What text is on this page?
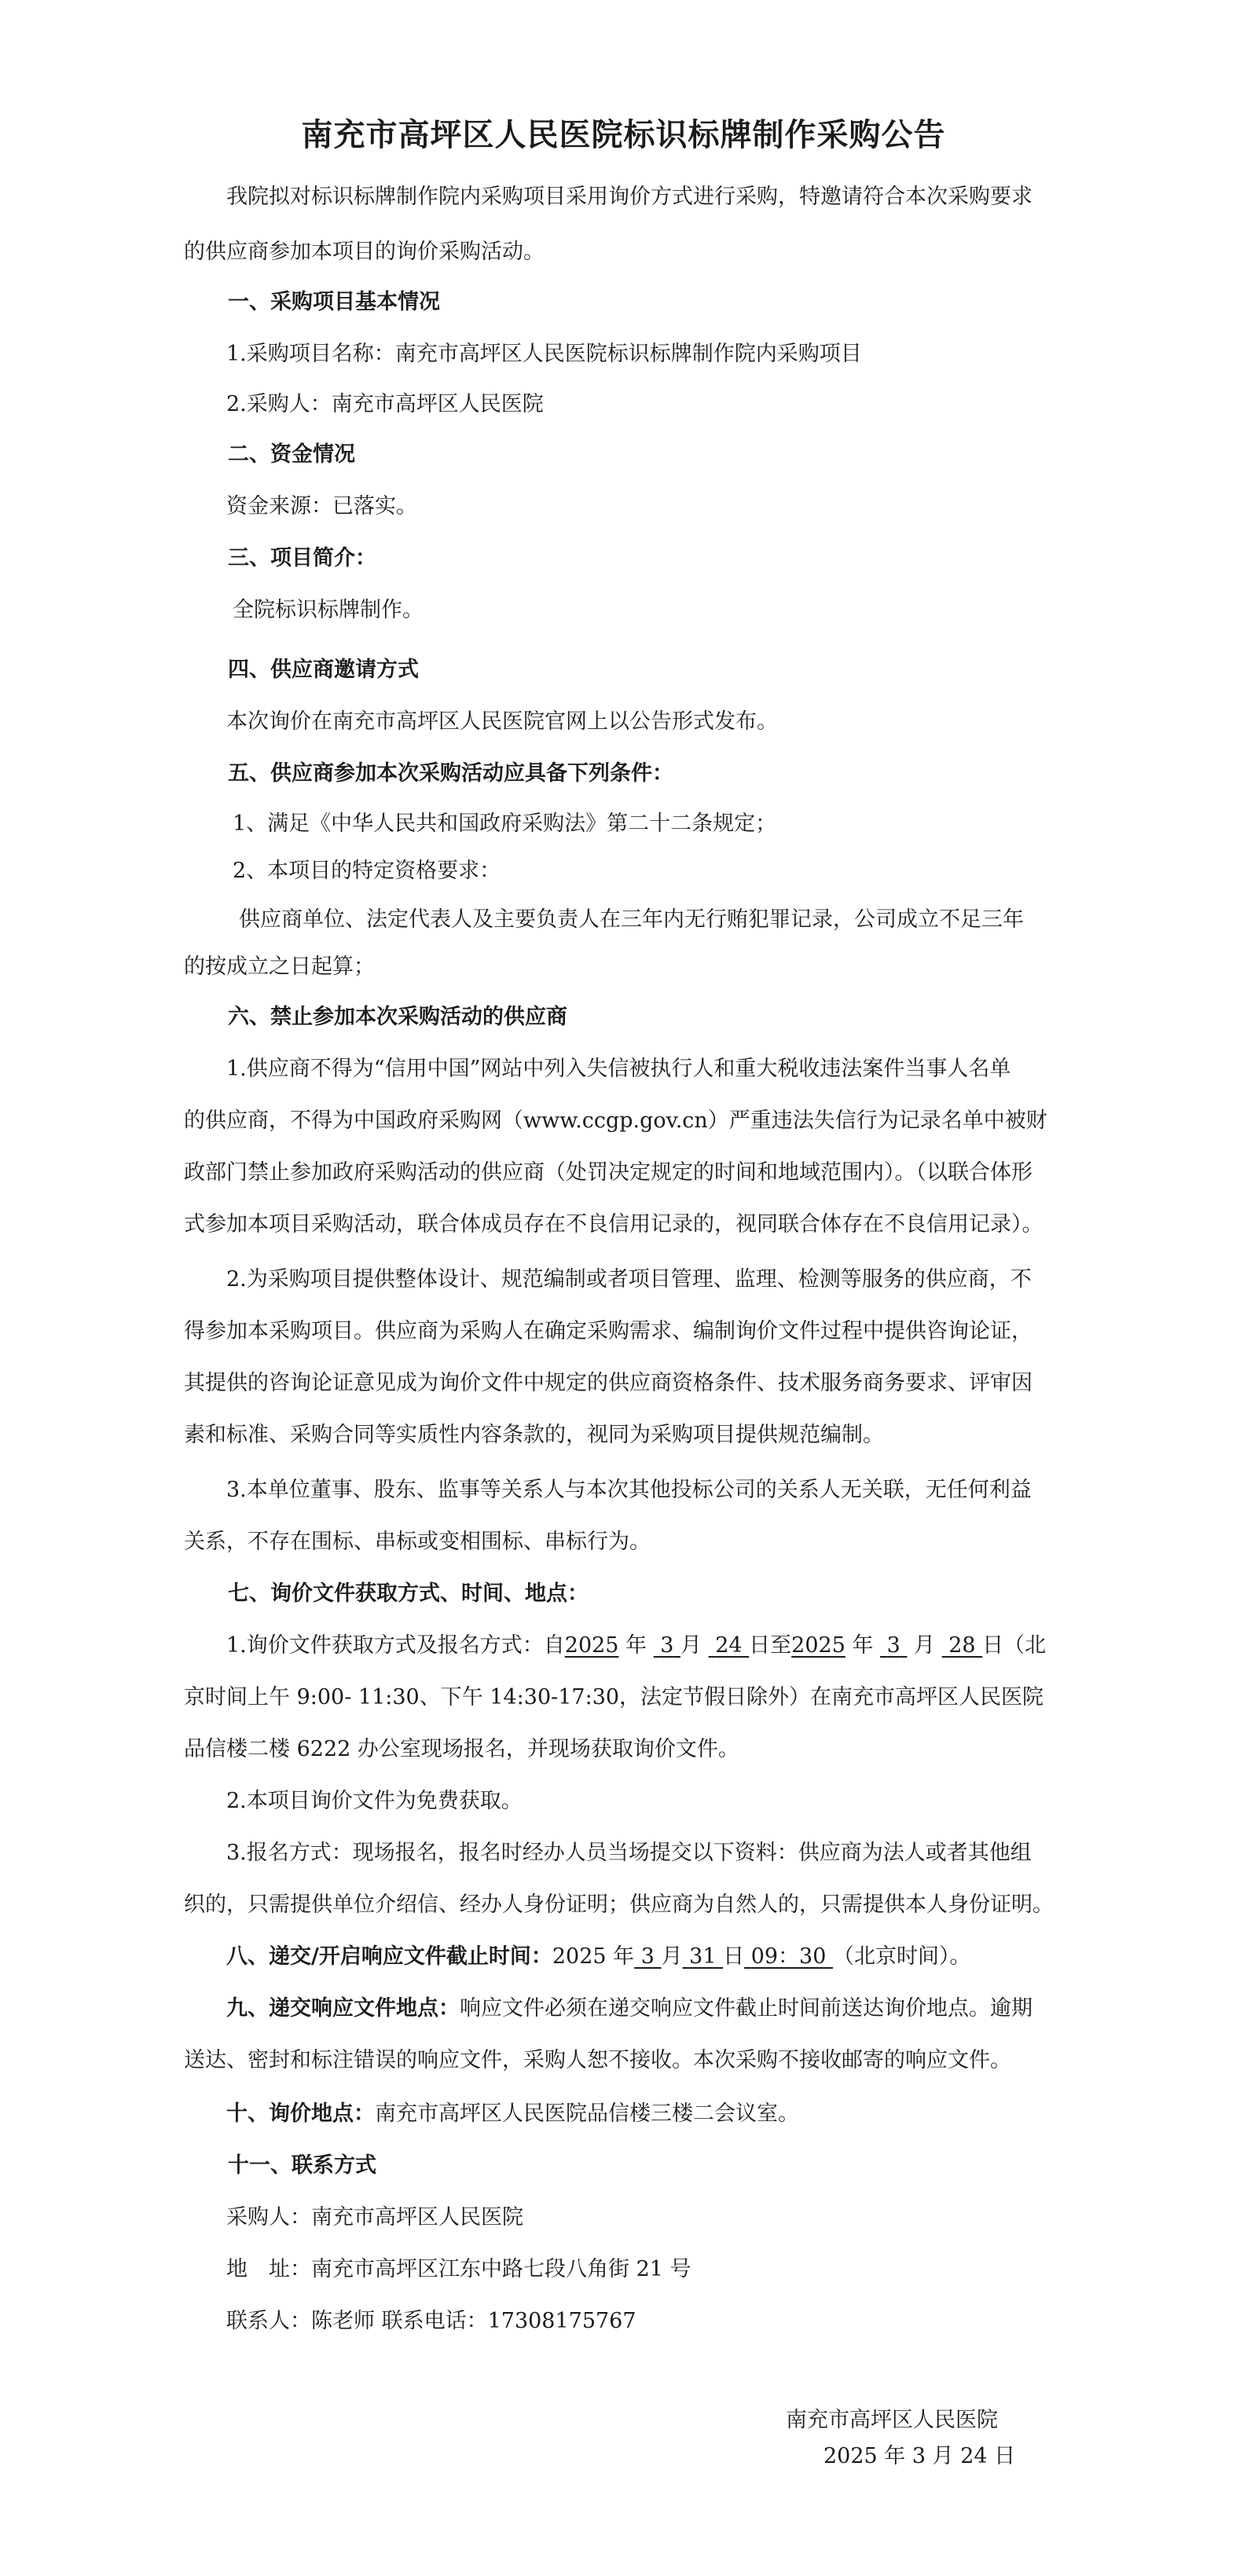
南充市高坪区人民医院标识标牌制作采购公告
我院拟对标识标牌制作院内采购项目采用询价方式进行采购，特邀请符合本次采购要求
的供应商参加本项目的询价采购活动。
一、采购项目基本情况
1.采购项目名称：南充市高坪区人民医院标识标牌制作院内采购项目
2.采购人：南充市高坪区人民医院
二、资金情况
资金来源：已落实。
三、项目简介：
全院标识标牌制作。
四、供应商邀请方式
本次询价在南充市高坪区人民医院官网上以公告形式发布。
五、供应商参加本次采购活动应具备下列条件：
1、满足《中华人民共和国政府采购法》第二十二条规定；
2、本项目的特定资格要求：
供应商单位、法定代表人及主要负责人在三年内无行贿犯罪记录，公司成立不足三年
的按成立之日起算；
六、禁止参加本次采购活动的供应商
1.供应商不得为“信用中国”网站中列入失信被执行人和重大税收违法案件当事人名单
的供应商，不得为中国政府采购网（www.ccgp.gov.cn）严重违法失信行为记录名单中被财
政部门禁止参加政府采购活动的供应商（处罚决定规定的时间和地域范围内）。（以联合体形
式参加本项目采购活动，联合体成员存在不良信用记录的，视同联合体存在不良信用记录）。
2.为采购项目提供整体设计、规范编制或者项目管理、监理、检测等服务的供应商，不
得参加本采购项目。供应商为采购人在确定采购需求、编制询价文件过程中提供咨询论证，
其提供的咨询论证意见成为询价文件中规定的供应商资格条件、技术服务商务要求、评审因
素和标准、采购合同等实质性内容条款的，视同为采购项目提供规范编制。
3.本单位董事、股东、监事等关系人与本次其他投标公司的关系人无关联，无任何利益
关系，不存在围标、串标或变相围标、串标行为。
七、询价文件获取方式、时间、地点：
1.询价文件获取方式及报名方式：自2025 年  3 月  24 日至2025 年  3  月  28 日（北
京时间上午 9:00- 11:30、下午 14:30-17:30，法定节假日除外）在南充市高坪区人民医院
品信楼二楼 6222 办公室现场报名，并现场获取询价文件。
2.本项目询价文件为免费获取。
3.报名方式：现场报名，报名时经办人员当场提交以下资料：供应商为法人或者其他组
织的，只需提供单位介绍信、经办人身份证明；供应商为自然人的，只需提供本人身份证明。
八、递交/开启响应文件截止时间：2025 年 3 月 31 日 09：30 （北京时间）。
九、递交响应文件地点：响应文件必须在递交响应文件截止时间前送达询价地点。逾期
送达、密封和标注错误的响应文件，采购人恕不接收。本次采购不接收邮寄的响应文件。
十、询价地点：南充市高坪区人民医院品信楼三楼二会议室。
十一、联系方式
采购人：南充市高坪区人民医院
地　址：南充市高坪区江东中路七段八角街 21 号
联系人：陈老师 联系电话：17308175767
南充市高坪区人民医院
2025 年 3 月 24 日
